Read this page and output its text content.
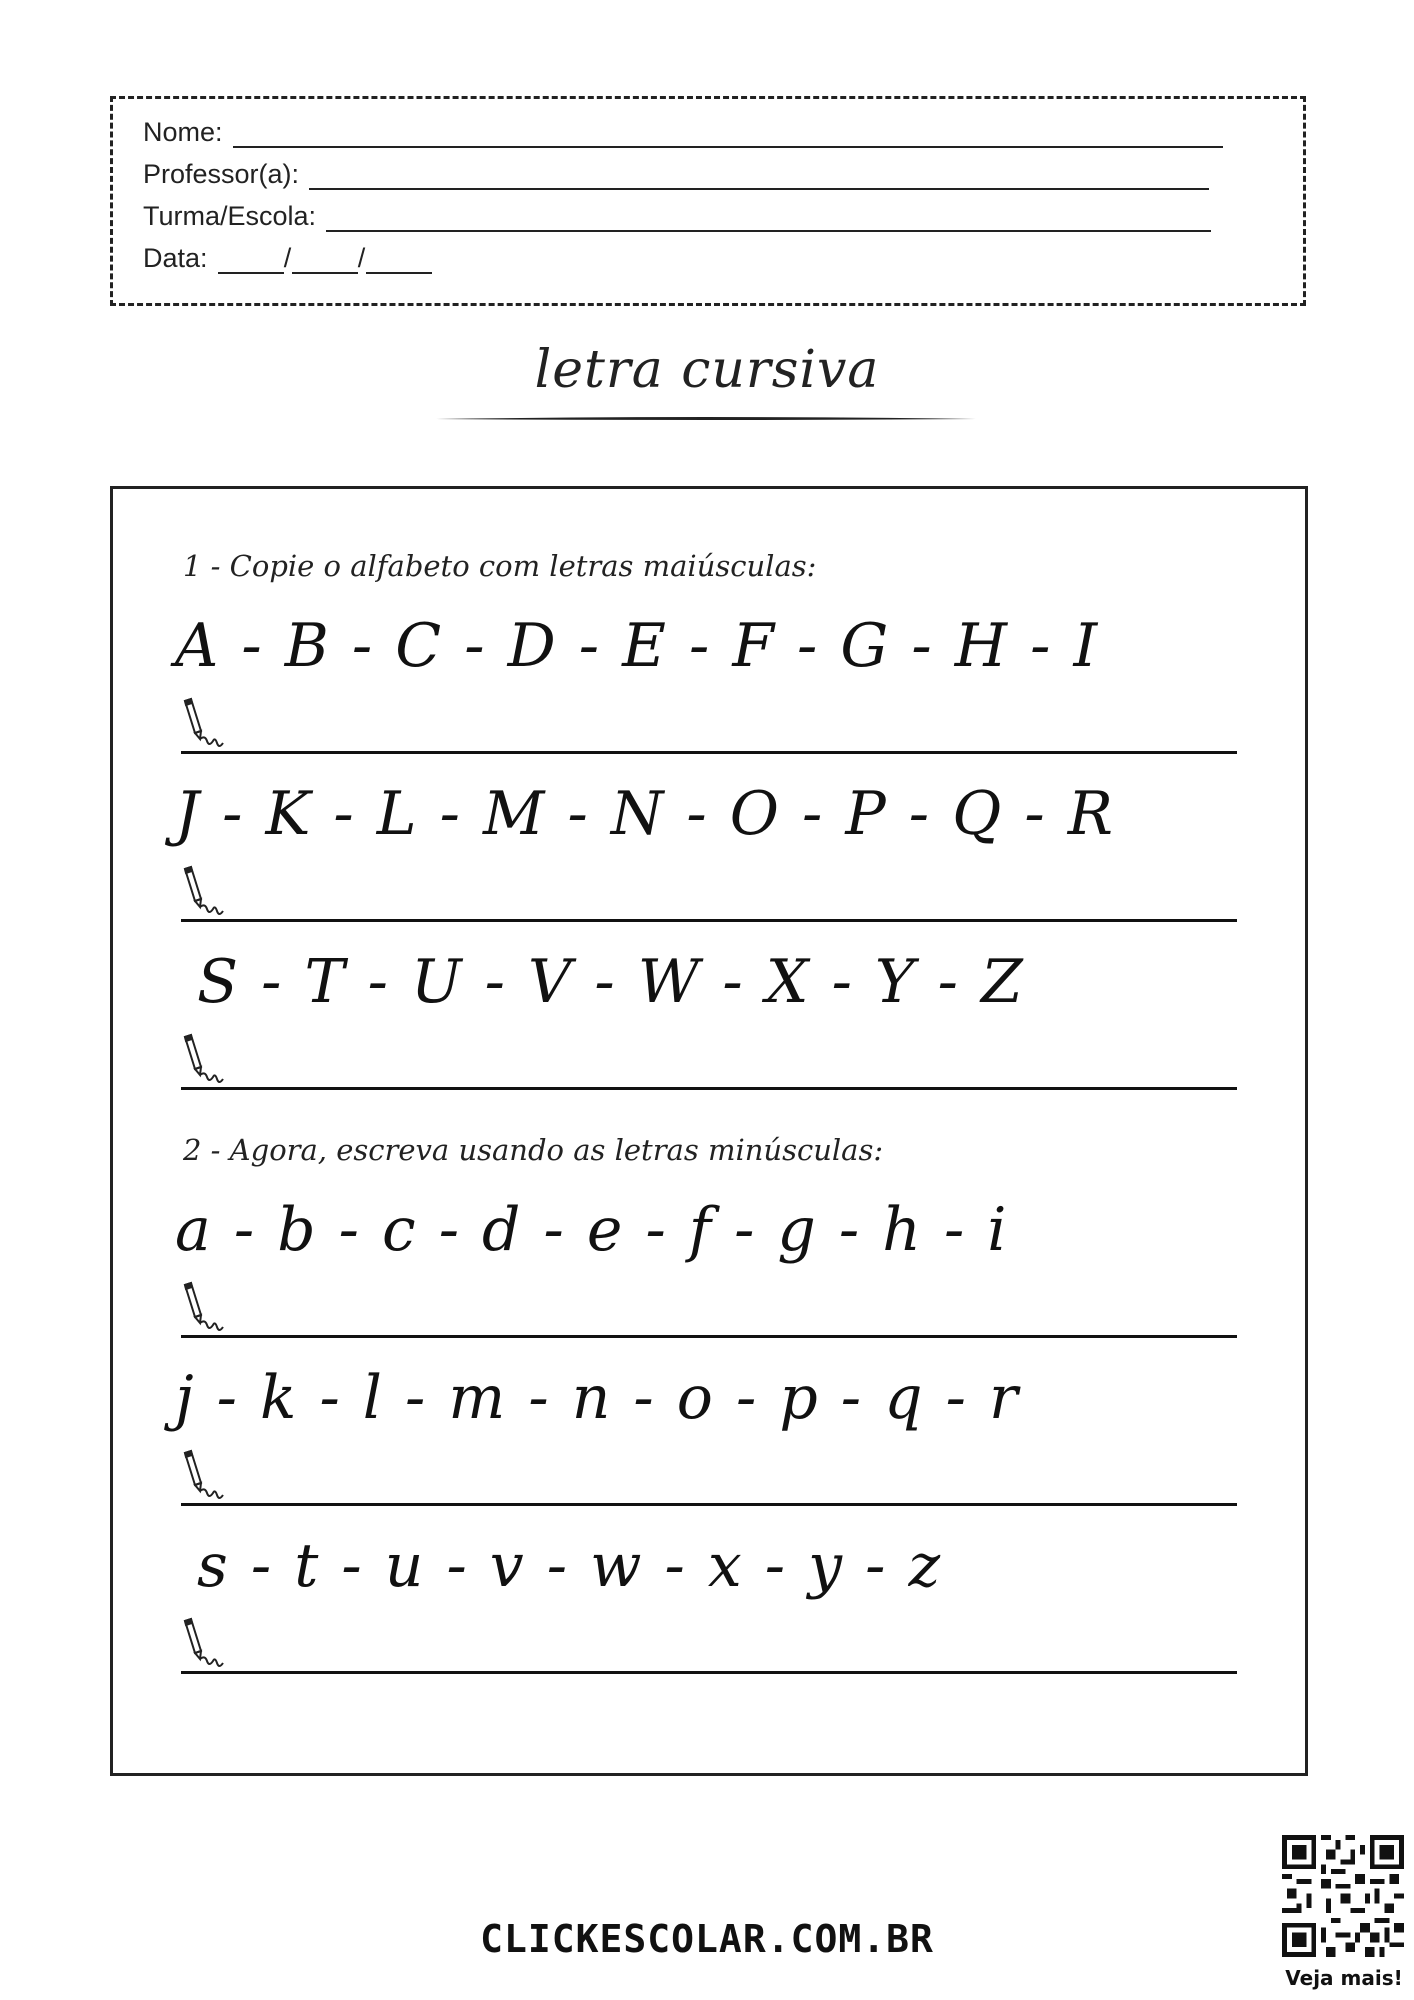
Nome:
Professor(a):
Turma/Escola:
Data:	/ /
letra cursiva
1 - Copie o alfabeto com letras maiúsculas:
A - B - C - D - E - F - G - H - I
J - K - L - M - N - O - P - Q - R
S - T - U - V - W - X - Y - Z
2 - Agora, escreva usando as letras minúsculas:
a - b - c - d - e - f - g - h - i
j - k - l - m - n - o - p - q - r
s - t - u - v - w - x - y - z
CLICKESCOLAR.COM.BR
Veja mais!
